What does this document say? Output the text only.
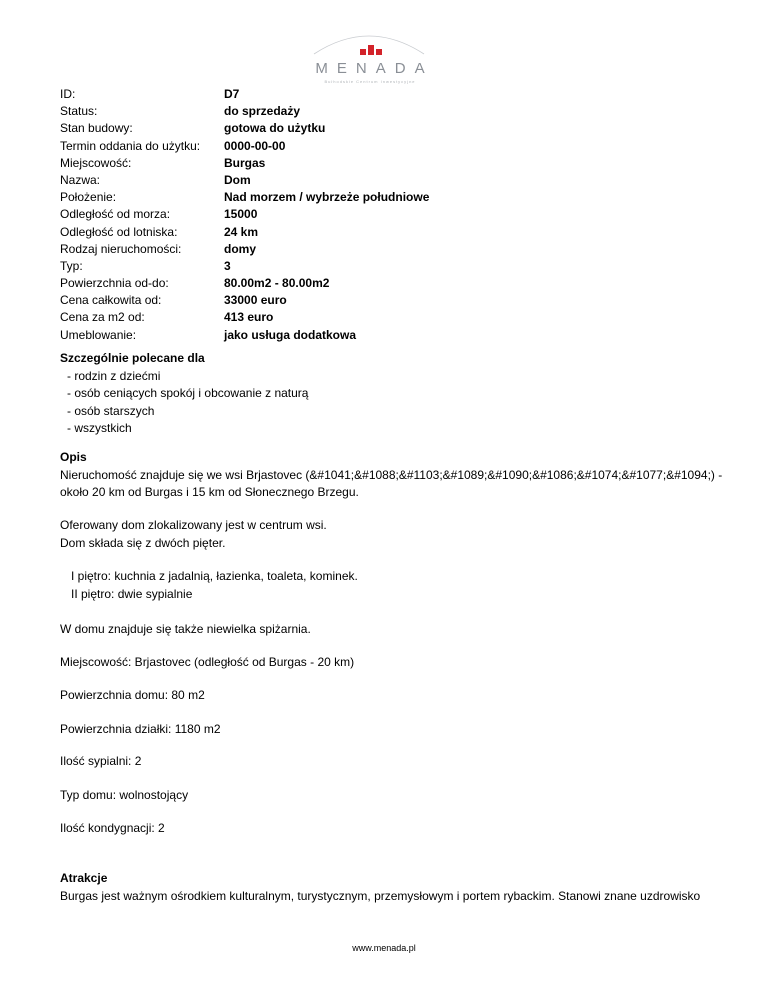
MENADA
Bułhodskie Centrum Inwestycyjne
ID:	D7
Status:	do sprzedaży
Stan budowy:	gotowa do użytku
Termin oddania do użytku: 0000-00-00
Miejscowość:	Burgas
Nazwa:	Dom
Położenie:	Nad morzem / wybrzeże południowe
Odległość od morza:	15000
Odległość od lotniska:	24 km
Rodzaj nieruchomości:	domy
Typ:	3
Powierzchnia od-do:	80.00m2 - 80.00m2
Cena całkowita od:	33000 euro
Cena za m2 od:	413 euro
Umeblowanie:	jako usługa dodatkowa
Szczególnie polecane dla
- rodzin z dziećmi
- osób ceniących spokój i obcowanie z naturą
- osób starszych
- wszystkich
Opis
Nieruchomość znajduje się we wsi Brjastovec (&#1041;&#1088;&#1103;&#1089;&#1090;&#1086;&#1074;&#1077;&#1094;) -
około 20 km od Burgas i 15 km od Słonecznego Brzegu.
Oferowany dom zlokalizowany jest w centrum wsi.
Dom składa się z dwóch pięter.
I piętro: kuchnia z jadalnią, łazienka, toaleta, kominek.
II piętro: dwie sypialnie
W domu znajduje się także niewielka spiżarnia.
Miejscowość: Brjastovec (odległość od Burgas - 20 km)
Powierzchnia domu: 80 m2
Powierzchnia działki: 1180 m2
Ilość sypialni: 2
Typ domu: wolnostojący
Ilość kondygnacji: 2
Atrakcje
Burgas jest ważnym ośrodkiem kulturalnym, turystycznym, przemysłowym i portem rybackim. Stanowi znane uzdrowisko
www.menada.pl
